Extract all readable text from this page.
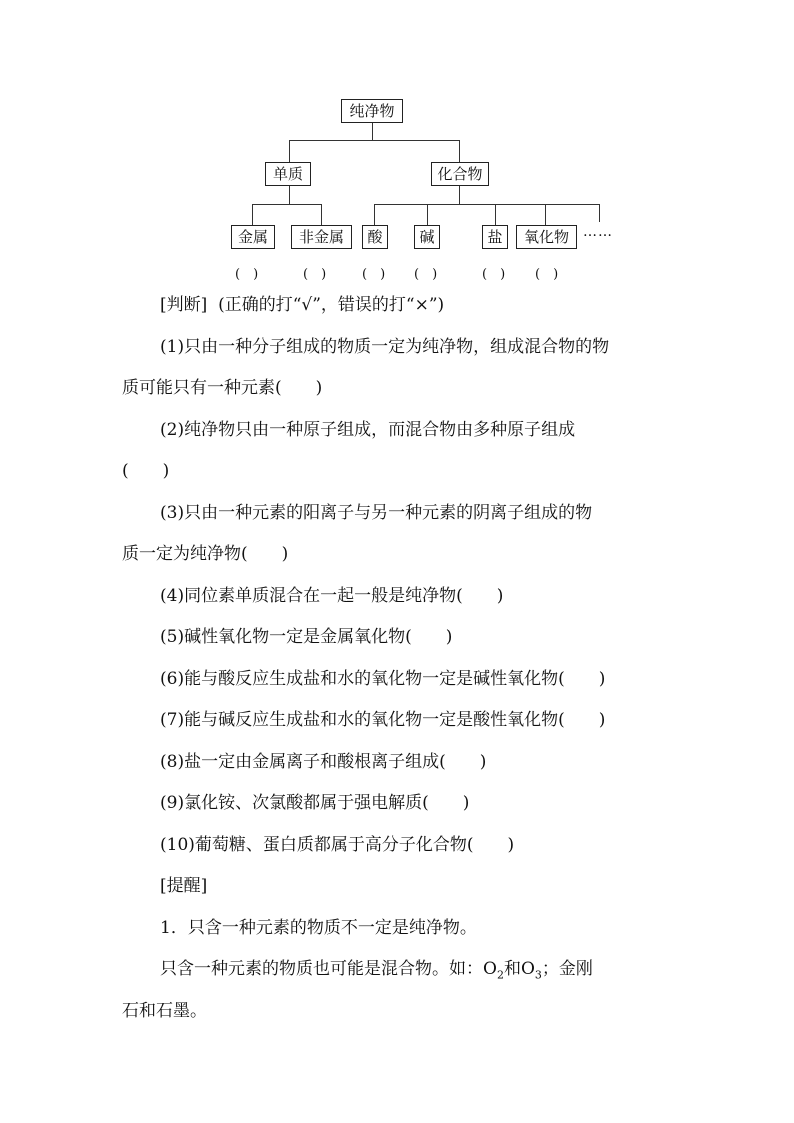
纯净物
单质	化合物
金属	非金属	酸	碱	盐	氧化物	……
(　)	(　)	(　) (　)	(　) (　)
[判断] (正确的打“√”，错误的打“×”)
(1)只由一种分子组成的物质一定为纯净物，组成混合物的物
质可能只有一种元素(　　)
(2)纯净物只由一种原子组成，而混合物由多种原子组成
(　　)
(3)只由一种元素的阳离子与另一种元素的阴离子组成的物
质一定为纯净物(　　)
(4)同位素单质混合在一起一般是纯净物(　　)
(5)碱性氧化物一定是金属氧化物(　　)
(6)能与酸反应生成盐和水的氧化物一定是碱性氧化物(　　)
(7)能与碱反应生成盐和水的氧化物一定是酸性氧化物(　　)
(8)盐一定由金属离子和酸根离子组成(　　)
(9)氯化铵、次氯酸都属于强电解质(　　)
(10)葡萄糖、蛋白质都属于高分子化合物(　　)
[提醒]
1．只含一种元素的物质不一定是纯净物。
只含一种元素的物质也可能是混合物。如：$O_2$和$O_3$；金刚
石和石墨。
